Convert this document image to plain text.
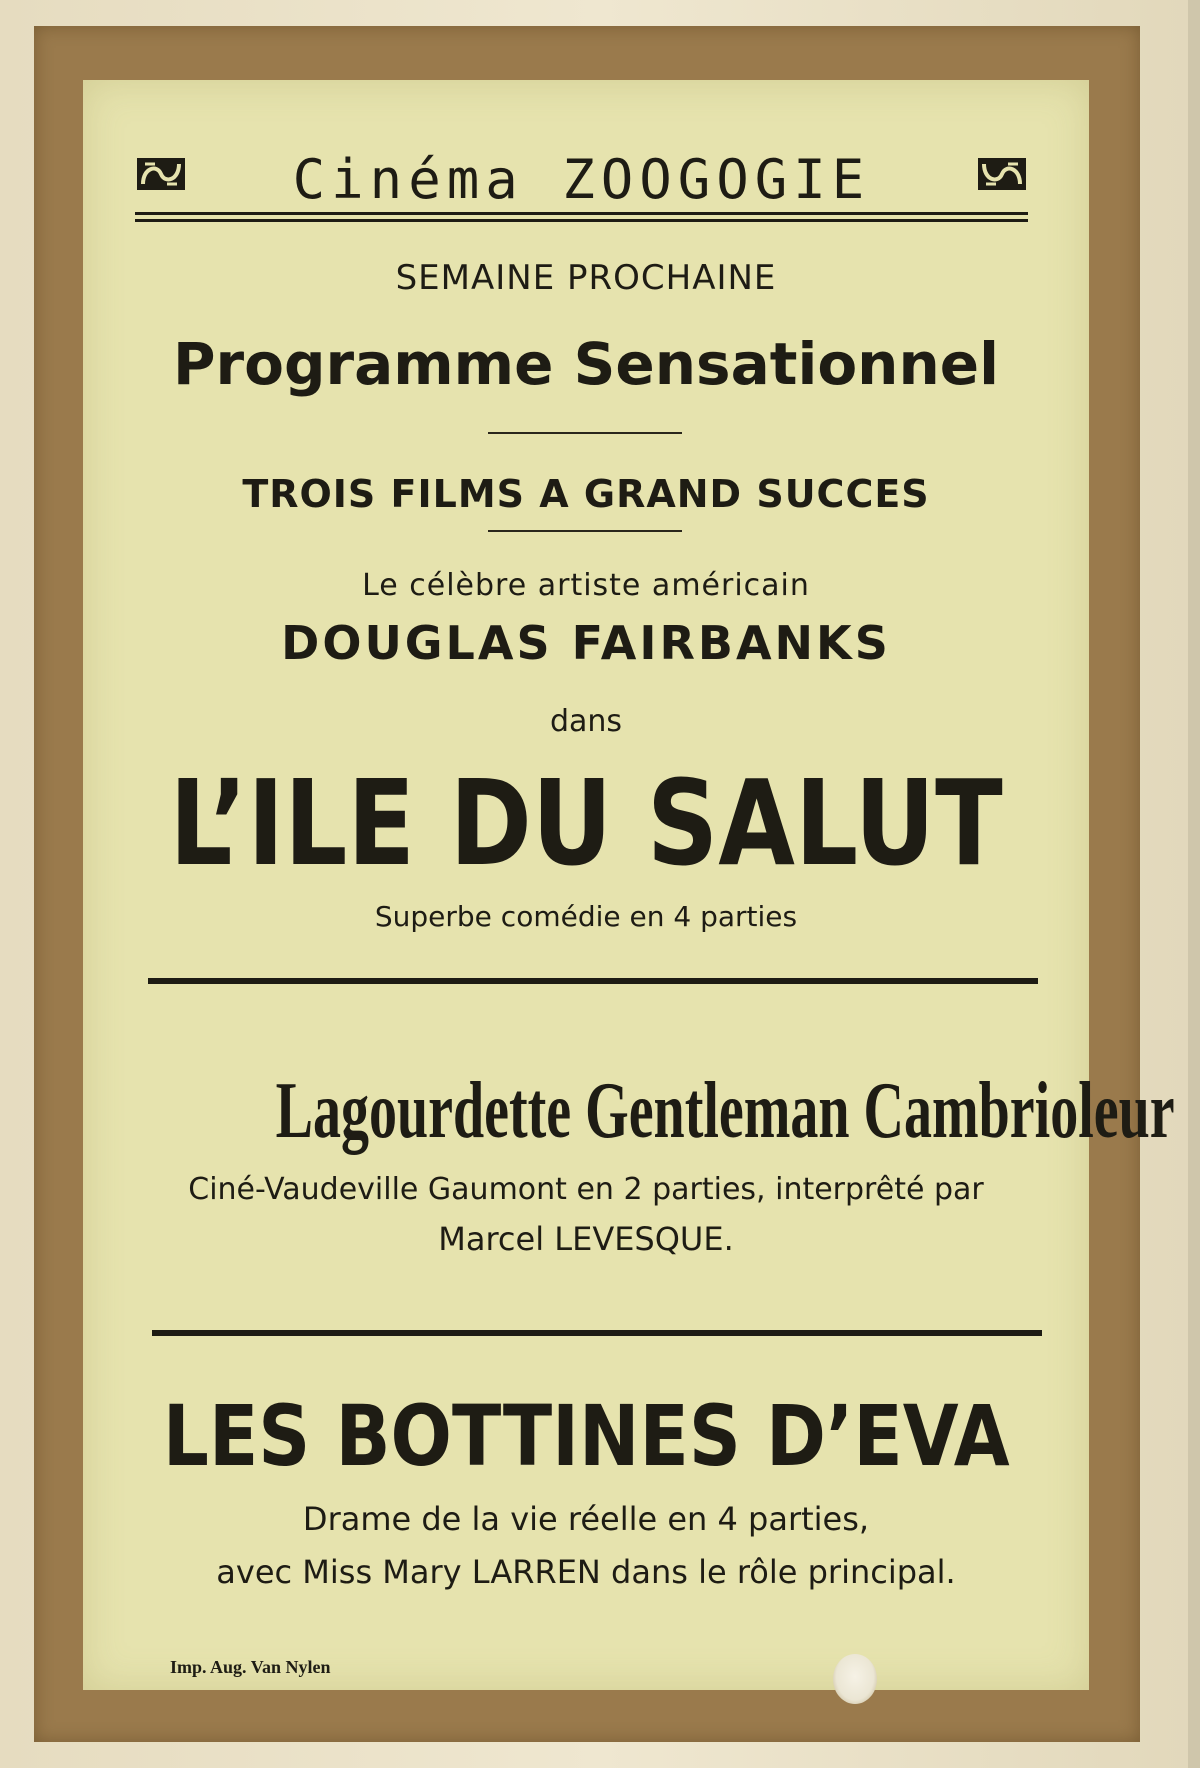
Cinéma ZOOGOGIE

SEMAINE PROCHAINE

Programme Sensationnel

TROIS FILMS A GRAND SUCCES

Le célèbre artiste américain

DOUGLAS FAIRBANKS

dans

L’ILE DU SALUT

Superbe comédie en 4 parties

Lagourdette Gentleman Cambrioleur

Ciné-Vaudeville Gaumont en 2 parties, interprêté par

Marcel LEVESQUE.

LES BOTTINES D’EVA

Drame de la vie réelle en 4 parties,

avec Miss Mary LARREN dans le rôle principal.

Imp. Aug. Van Nylen
